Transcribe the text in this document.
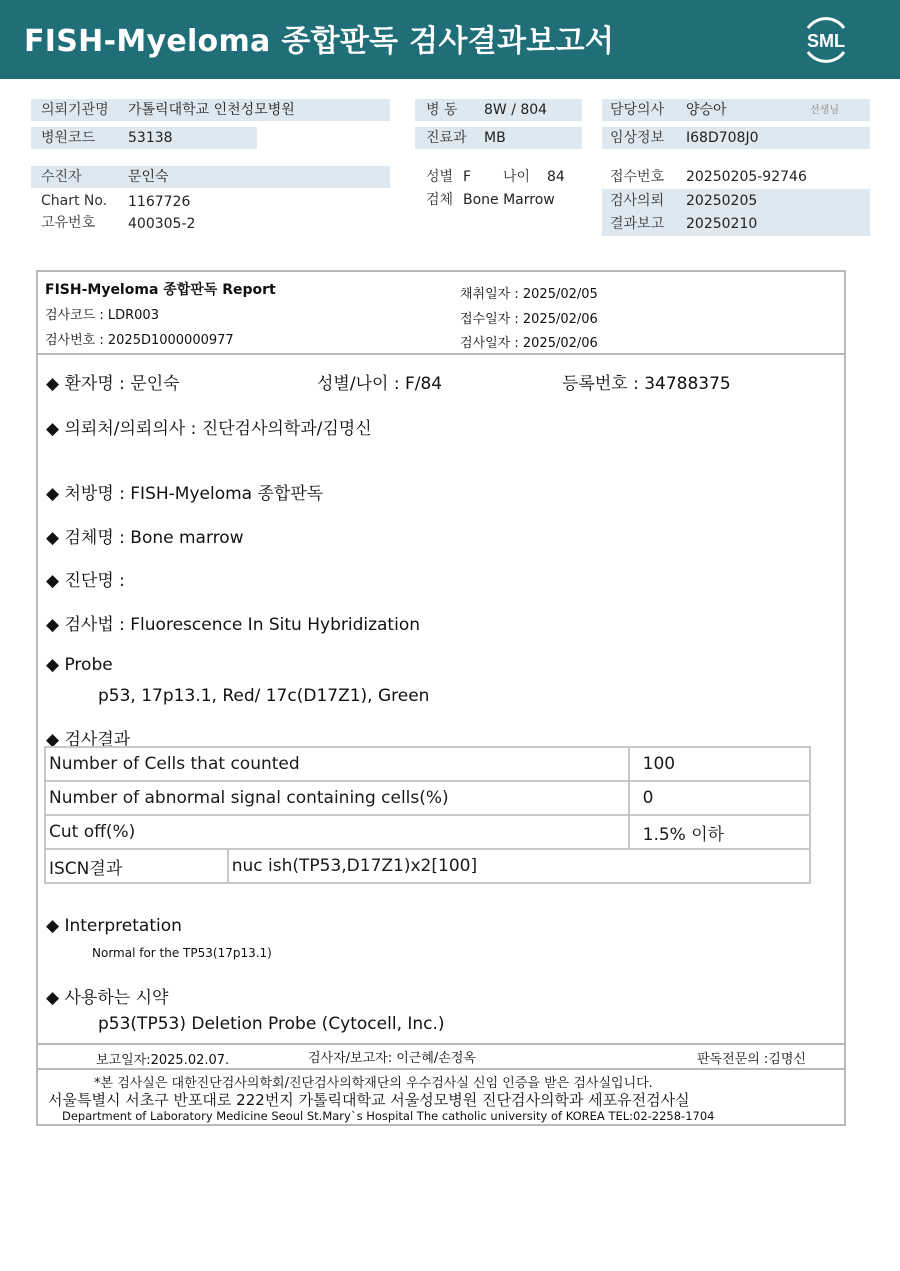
FISH-Myeloma 종합판독 검사결과보고서	SML
의뢰기관명 가톨릭대학교 인천성모병원
병원코드 53138
병 동 8W / 804
진료과 MB
담당의사 양승아	선생님
임상정보 I68D708J0
수진자	문인숙
Chart No. 1167726
고유번호 400305-2
성별 F 나이 84
검체 Bone Marrow
접수번호 20250205-92746
검사의뢰 20250205
결과보고 20250210
FISH-Myeloma 종합판독 Report
검사코드 : LDR003
검사번호 : 2025D1000000977
채취일자 : 2025/02/05
접수일자 : 2025/02/06
검사일자 : 2025/02/06
◆ 환자명 : 문인숙	성별/나이 : F/84	등록번호 : 34788375
◆ 의뢰처/의뢰의사 : 진단검사의학과/김명신
◆ 처방명 : FISH-Myeloma 종합판독
◆ 검체명 : Bone marrow
◆ 진단명 :
◆ 검사법 : Fluorescence In Situ Hybridization
◆ Probe
p53, 17p13.1, Red/ 17c(D17Z1), Green
◆ 검사결과
Number of Cells that counted		100
Number of abnormal signal containing cells(%)		0
Cut off(%)		1.5% 이하
ISCN결과	nuc ish(TP53,D17Z1)x2[100]	
◆ Interpretation
Normal for the TP53(17p13.1)
◆ 사용하는 시약
p53(TP53) Deletion Probe (Cytocell, Inc.)
보고일자:2025.02.07.	검사자/보고자: 이근혜/손정옥	판독전문의 :김명신
*본 검사실은 대한진단검사의학회/진단검사의학재단의 우수검사실 신임 인증을 받은 검사실입니다.
서울특별시 서초구 반포대로 222번지 가톨릭대학교 서울성모병원 진단검사의학과 세포유전검사실
Department of Laboratory Medicine Seoul St.Mary`s Hospital The catholic university of KOREA TEL:02-2258-1704
